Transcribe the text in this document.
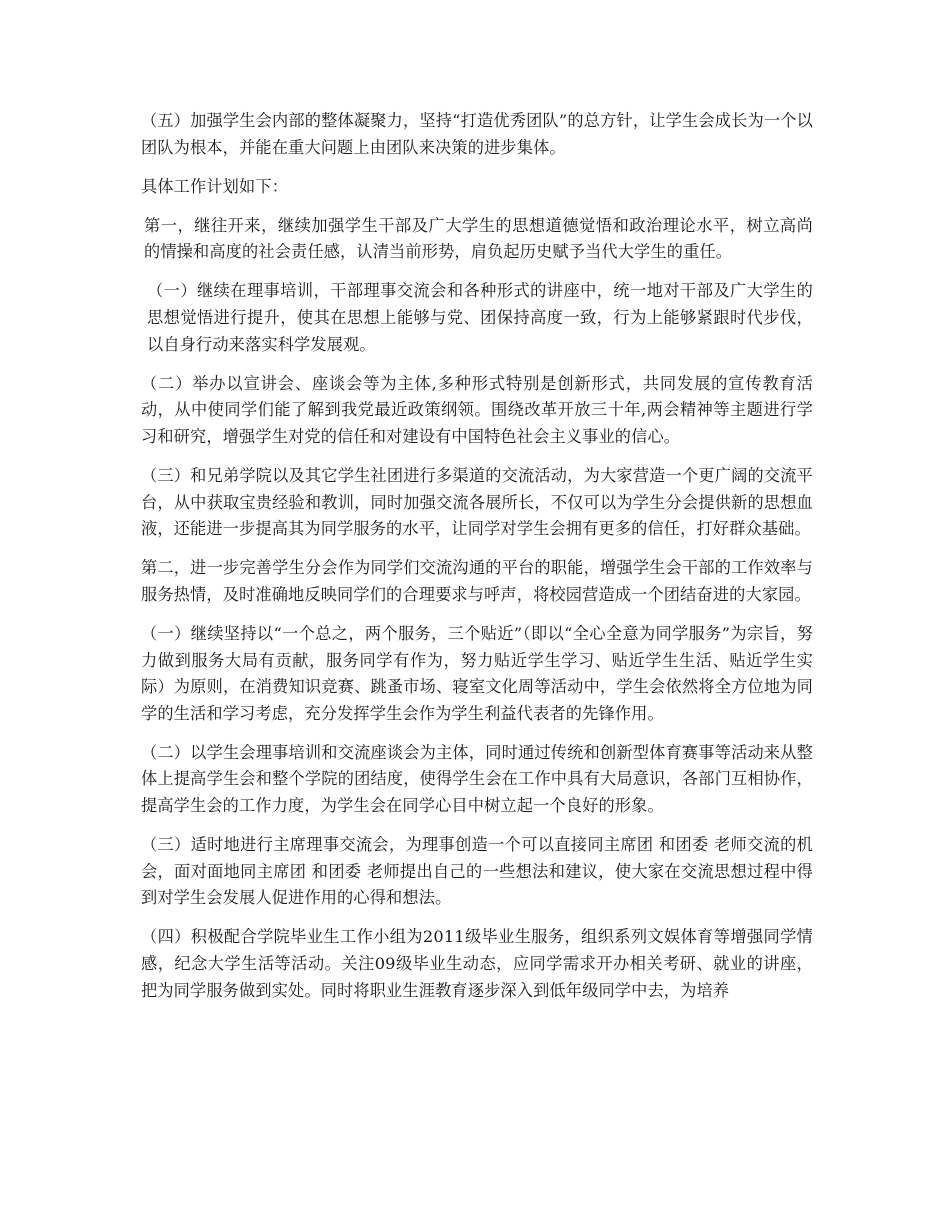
（五）加强学生会内部的整体凝聚力，坚持“打造优秀团队”的总方针，让学生会成长为一个以团队为根本，并能在重大问题上由团队来决策的进步集体。

具体工作计划如下：

第一，继往开来，继续加强学生干部及广大学生的思想道德觉悟和政治理论水平，树立高尚的情操和高度的社会责任感，认清当前形势，肩负起历史赋予当代大学生的重任。

（一）继续在理事培训，干部理事交流会和各种形式的讲座中，统一地对干部及广大学生的思想觉悟进行提升，使其在思想上能够与党、团保持高度一致，行为上能够紧跟时代步伐，以自身行动来落实科学发展观。

（二）举办以宣讲会、座谈会等为主体,多种形式特别是创新形式，共同发展的宣传教育活动，从中使同学们能了解到我党最近政策纲领。围绕改革开放三十年,两会精神等主题进行学习和研究，增强学生对党的信任和对建设有中国特色社会主义事业的信心。

（三）和兄弟学院以及其它学生社团进行多渠道的交流活动，为大家营造一个更广阔的交流平台，从中获取宝贵经验和教训，同时加强交流各展所长，不仅可以为学生分会提供新的思想血液，还能进一步提高其为同学服务的水平，让同学对学生会拥有更多的信任，打好群众基础。

第二，进一步完善学生分会作为同学们交流沟通的平台的职能，增强学生会干部的工作效率与服务热情，及时准确地反映同学们的合理要求与呼声，将校园营造成一个团结奋进的大家园。

（一）继续坚持以“一个总之，两个服务，三个贴近”（即以“全心全意为同学服务”为宗旨，努力做到服务大局有贡献，服务同学有作为，努力贴近学生学习、贴近学生生活、贴近学生实际）为原则，在消费知识竞赛、跳蚤市场、寝室文化周等活动中，学生会依然将全方位地为同学的生活和学习考虑，充分发挥学生会作为学生利益代表者的先锋作用。

（二）以学生会理事培训和交流座谈会为主体，同时通过传统和创新型体育赛事等活动来从整体上提高学生会和整个学院的团结度，使得学生会在工作中具有大局意识，各部门互相协作，提高学生会的工作力度，为学生会在同学心目中树立起一个良好的形象。

（三）适时地进行主席理事交流会，为理事创造一个可以直接同主席团 和团委 老师交流的机会，面对面地同主席团 和团委 老师提出自己的一些想法和建议，使大家在交流思想过程中得到对学生会发展人促进作用的心得和想法。

（四）积极配合学院毕业生工作小组为2011级毕业生服务，组织系列文娱体育等增强同学情感，纪念大学生活等活动。关注09级毕业生动态，应同学需求开办相关考研、就业的讲座，把为同学服务做到实处。同时将职业生涯教育逐步深入到低年级同学中去，为培养
